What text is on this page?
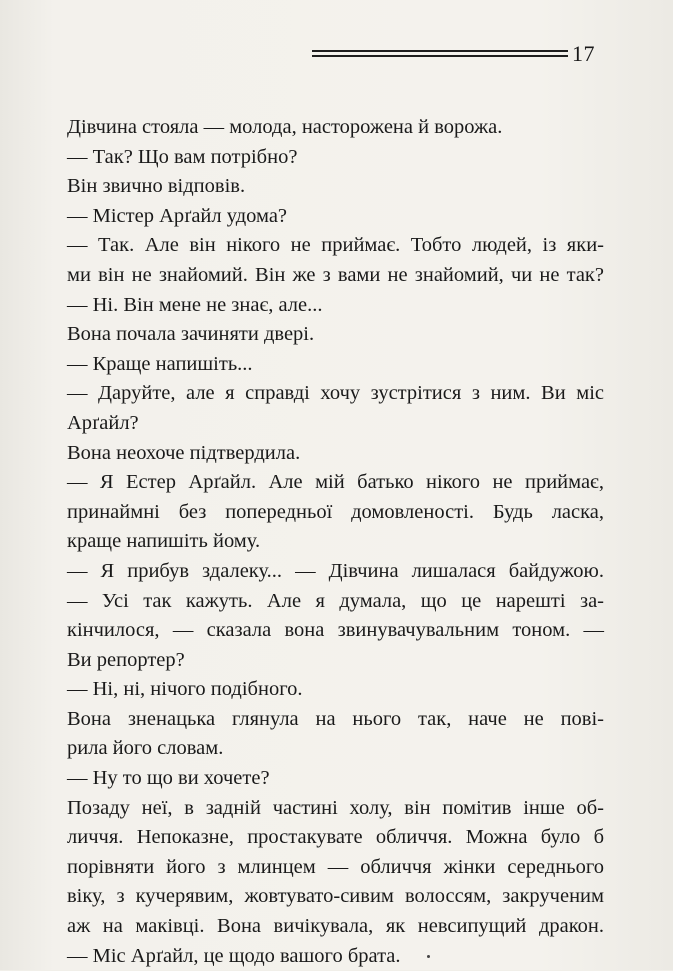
17
Дівчина стояла — молода, насторожена й ворожа.
— Так? Що вам потрібно?
Він звично відповів.
— Містер Арґайл удома?
— Так. Але він нікого не приймає. Тобто людей, із яки-
ми він не знайомий. Він же з вами не знайомий, чи не так?
— Ні. Він мене не знає, але...
Вона почала зачиняти двері.
— Краще напишіть...
— Даруйте, але я справді хочу зустрітися з ним. Ви міс
Арґайл?
Вона неохоче підтвердила.
— Я Естер Арґайл. Але мій батько нікого не приймає,
принаймні без попередньої домовленості. Будь ласка,
краще напишіть йому.
— Я прибув здалеку... — Дівчина лишалася байдужою.
— Усі так кажуть. Але я думала, що це нарешті за-
кінчилося, — сказала вона звинувачувальним тоном. —
Ви репортер?
— Ні, ні, нічого подібного.
Вона зненацька глянула на нього так, наче не пові-
рила його словам.
— Ну то що ви хочете?
Позаду неї, в задній частині холу, він помітив інше об-
личчя. Непоказне, простакувате обличчя. Можна було б
порівняти його з млинцем — обличчя жінки середнього
віку, з кучерявим, жовтувато-сивим волоссям, закрученим
аж на маківці. Вона вичікувала, як невсипущий дракон.
— Міс Арґайл, це щодо вашого брата.
